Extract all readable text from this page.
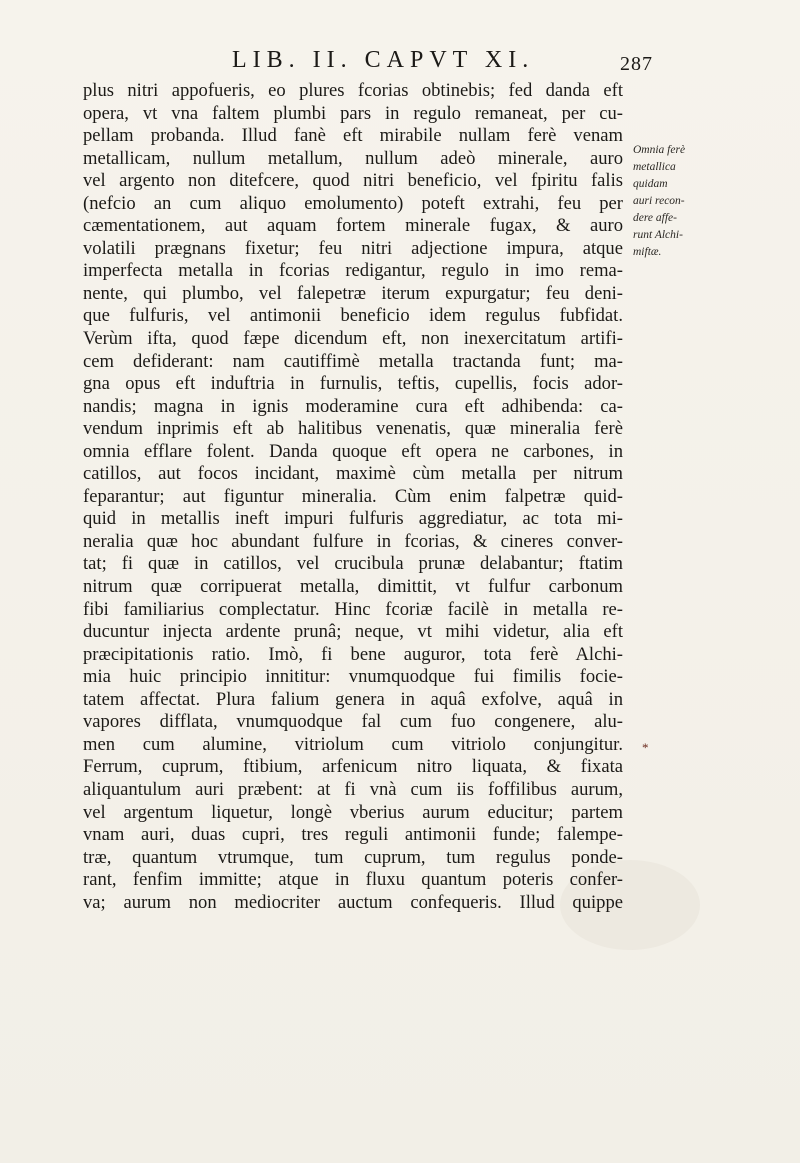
LIB. II. CAPVT XI.	287
plus nitri appofueris, eo plures fcorias obtinebis; fed danda eft
opera, vt vna faltem plumbi pars in regulo remaneat, per cu-
pellam probanda. Illud fanè eft mirabile nullam ferè venam
metallicam, nullum metallum, nullum adeò minerale, auro
vel argento non ditefcere, quod nitri beneficio, vel fpiritu falis
(nefcio an cum aliquo emolumento) poteft extrahi, feu per
cæmentationem, aut aquam fortem minerale fugax, & auro
volatili prægnans fixetur; feu nitri adjectione impura, atque
imperfecta metalla in fcorias redigantur, regulo in imo rema-
nente, qui plumbo, vel falepetræ iterum expurgatur; feu deni-
que fulfuris, vel antimonii beneficio idem regulus fubfidat.
Verùm ifta, quod fæpe dicendum eft, non inexercitatum artifi-
cem defiderant: nam cautiffimè metalla tractanda funt; ma-
gna opus eft induftria in furnulis, teftis, cupellis, focis ador-
nandis; magna in ignis moderamine cura eft adhibenda: ca-
vendum inprimis eft ab halitibus venenatis, quæ mineralia ferè
omnia efflare folent. Danda quoque eft opera ne carbones, in
catillos, aut focos incidant, maximè cùm metalla per nitrum
feparantur; aut figuntur mineralia. Cùm enim falpetræ quid-
quid in metallis ineft impuri fulfuris aggrediatur, ac tota mi-
neralia quæ hoc abundant fulfure in fcorias, & cineres conver-
tat; fi quæ in catillos, vel crucibula prunæ delabantur; ftatim
nitrum quæ corripuerat metalla, dimittit, vt fulfur carbonum
fibi familiarius compleсtatur. Hinc fcoriæ facilè in metalla re-
ducuntur injecta ardente prunâ; neque, vt mihi videtur, alia eft
præcipitationis ratio. Imò, fi bene auguror, tota ferè Alchi-
mia huic principio innititur: vnumquodque fui fimilis focie-
tatem affectat. Plura falium genera in aquâ exfolve, aquâ in
vapores difflata, vnumquodque fal cum fuo congenere, alu-
men cum alumine, vitriolum cum vitriolo conjungitur.
Ferrum, cuprum, ftibium, arfenicum nitro liquata, & fixata
aliquantulum auri præbent: at fi vnà cum iis foffilibus aurum,
vel argentum liquetur, longè vberius aurum educitur; partem
vnam auri, duas cupri, tres reguli antimonii funde; falempe-
træ, quantum vtrumque, tum cuprum, tum regulus ponde-
rant, fenfim immitte; atque in fluxu quantum poteris confer-
va; aurum non mediocriter auctum confequeris. Illud quippe
Omnia ferè
metallica
quidam
auri recon-
dere affe-
runt Alchi-
miftæ.
*
